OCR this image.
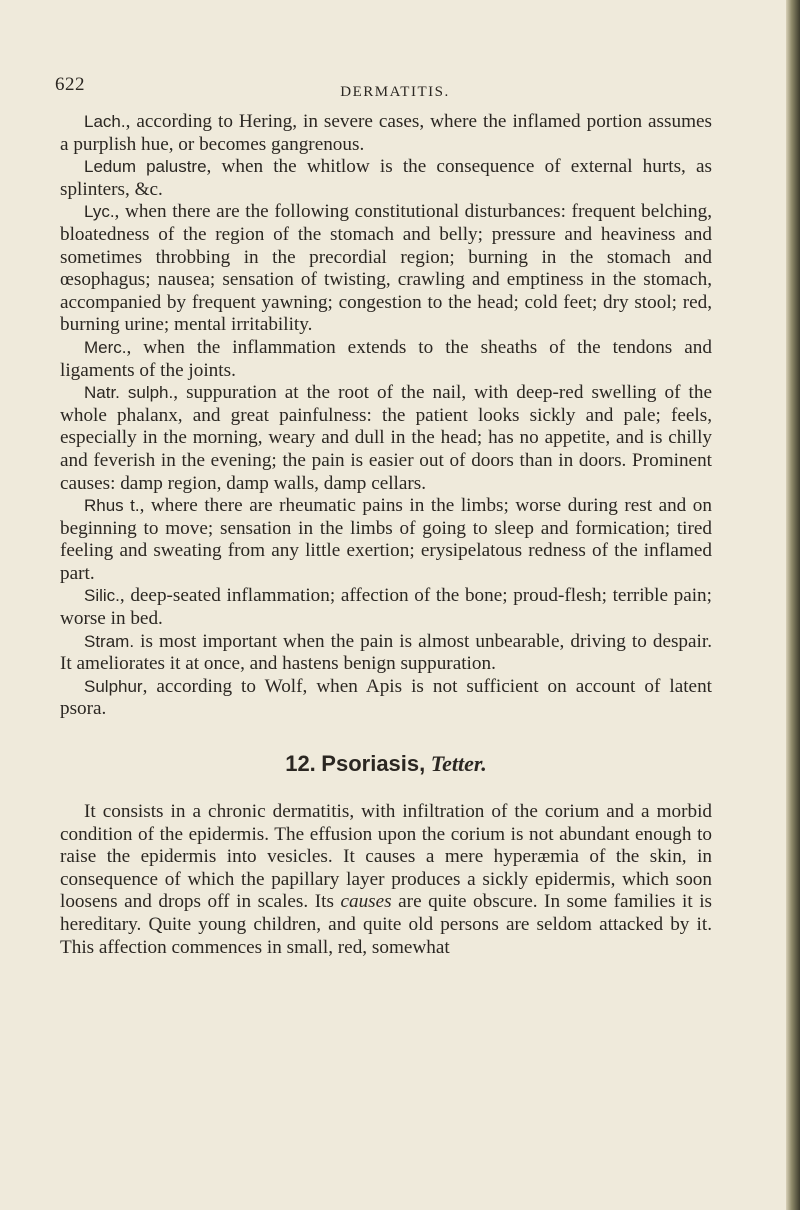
622	DERMATITIS.

Lach., according to Hering, in severe cases, where the inflamed portion assumes a purplish hue, or becomes gangrenous.

Ledum palustre, when the whitlow is the consequence of external hurts, as splinters, &c.

Lyc., when there are the following constitutional disturbances: frequent belching, bloatedness of the region of the stomach and belly; pressure and heaviness and sometimes throbbing in the precordial region; burning in the stomach and œsophagus; nausea; sensation of twisting, crawling and emptiness in the stomach, accompanied by frequent yawning; congestion to the head; cold feet; dry stool; red, burning urine; mental irritability.

Merc., when the inflammation extends to the sheaths of the tendons and ligaments of the joints.

Natr. sulph., suppuration at the root of the nail, with deep-red swelling of the whole phalanx, and great painfulness: the patient looks sickly and pale; feels, especially in the morning, weary and dull in the head; has no appetite, and is chilly and feverish in the evening; the pain is easier out of doors than in doors. Prominent causes: damp region, damp walls, damp cellars.

Rhus t., where there are rheumatic pains in the limbs; worse during rest and on beginning to move; sensation in the limbs of going to sleep and formication; tired feeling and sweating from any little exertion; erysipelatous redness of the inflamed part.

Silic., deep-seated inflammation; affection of the bone; proud-flesh; terrible pain; worse in bed.

Stram. is most important when the pain is almost unbearable, driving to despair. It ameliorates it at once, and hastens benign suppuration.

Sulphur, according to Wolf, when Apis is not sufficient on account of latent psora.

12. Psoriasis, Tetter.

It consists in a chronic dermatitis, with infiltration of the corium and a morbid condition of the epidermis. The effusion upon the corium is not abundant enough to raise the epidermis into vesicles. It causes a mere hyperæmia of the skin, in consequence of which the papillary layer produces a sickly epidermis, which soon loosens and drops off in scales. Its causes are quite obscure. In some families it is hereditary. Quite young children, and quite old persons are seldom attacked by it. This affection commences in small, red, somewhat
